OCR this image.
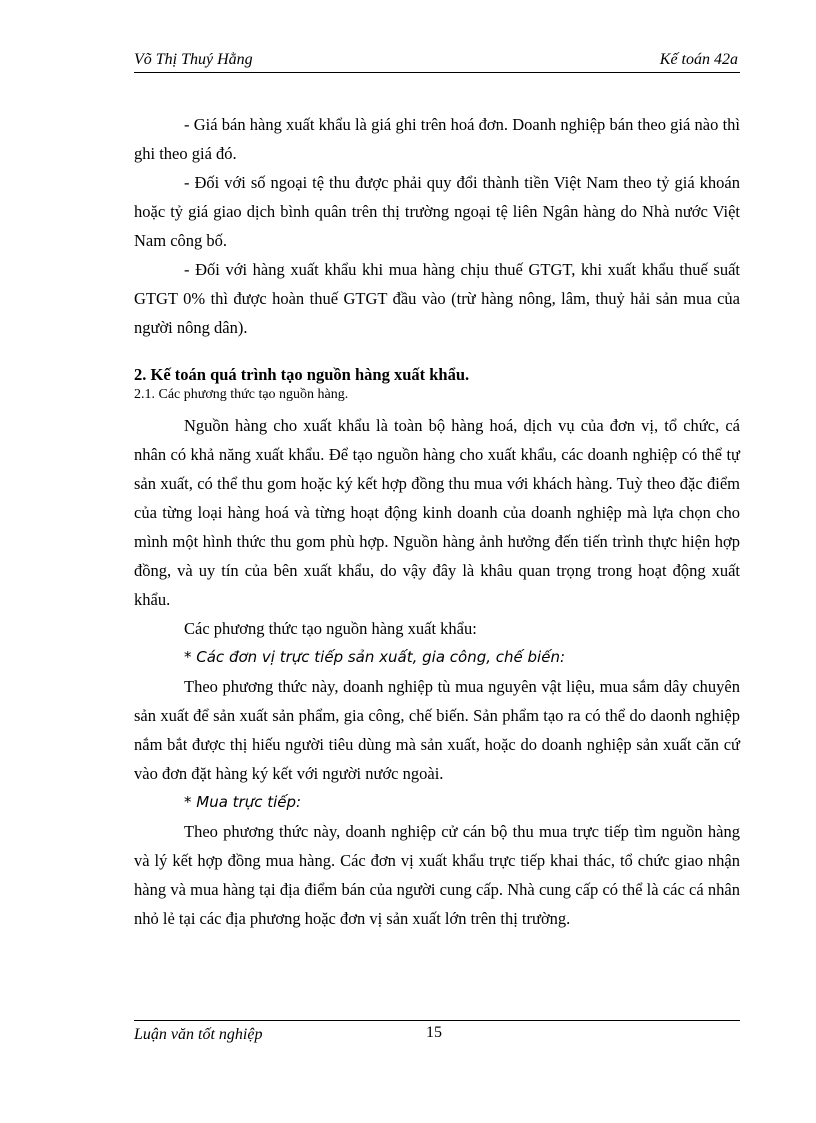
Võ Thị Thuý Hằng	Kế toán 42a

- Giá bán hàng xuất khẩu là giá ghi trên hoá đơn. Doanh nghiệp bán theo giá nào thì ghi theo giá đó.

- Đối với số ngoại tệ thu được phải quy đổi thành tiền Việt Nam theo tỷ giá khoán hoặc tỷ giá giao dịch bình quân trên thị trường ngoại tệ liên Ngân hàng do Nhà nước Việt Nam công bố.

- Đối với hàng xuất khẩu khi mua hàng chịu thuế GTGT, khi xuất khẩu thuế suất GTGT 0% thì được hoàn thuế GTGT đầu vào (trừ hàng nông, lâm, thuỷ hải sản mua của người nông dân).

2. Kế toán quá trình tạo nguồn hàng xuất khẩu.

2.1. Các phương thức tạo nguồn hàng.

Nguồn hàng cho xuất khẩu là toàn bộ hàng hoá, dịch vụ của đơn vị, tổ chức, cá nhân có khả năng xuất khẩu. Để tạo nguồn hàng cho xuất khẩu, các doanh nghiệp có thể tự sản xuất, có thể thu gom hoặc ký kết hợp đồng thu mua với khách hàng. Tuỳ theo đặc điểm của từng loại hàng hoá và từng hoạt động kinh doanh của doanh nghiệp mà lựa chọn cho mình một hình thức thu gom phù hợp. Nguồn hàng ảnh hưởng đến tiến trình thực hiện hợp đồng, và uy tín của bên xuất khẩu, do vậy đây là khâu quan trọng trong hoạt động xuất khẩu.

Các phương thức tạo nguồn hàng xuất khẩu:

* Các đơn vị trực tiếp sản xuất, gia công, chế biến:

Theo phương thức này, doanh nghiệp tù mua nguyên vật liệu, mua sắm dây chuyên sản xuất để sản xuất sản phẩm, gia công, chế biến. Sản phẩm tạo ra có thể do daonh nghiệp nắm bắt được thị hiếu người tiêu dùng mà sản xuất, hoặc do doanh nghiệp sản xuất căn cứ vào đơn đặt hàng ký kết với người nước ngoài.

* Mua trực tiếp:

Theo phương thức này, doanh nghiệp cử cán bộ thu mua trực tiếp tìm nguồn hàng và lý kết hợp đồng mua hàng. Các đơn vị xuất khẩu trực tiếp khai thác, tổ chức giao nhận hàng và mua hàng tại địa điểm bán của người cung cấp. Nhà cung cấp có thể là các cá nhân nhỏ lẻ tại các địa phương hoặc đơn vị sản xuất lớn trên thị trường.

Luận văn tốt nghiệp	15
